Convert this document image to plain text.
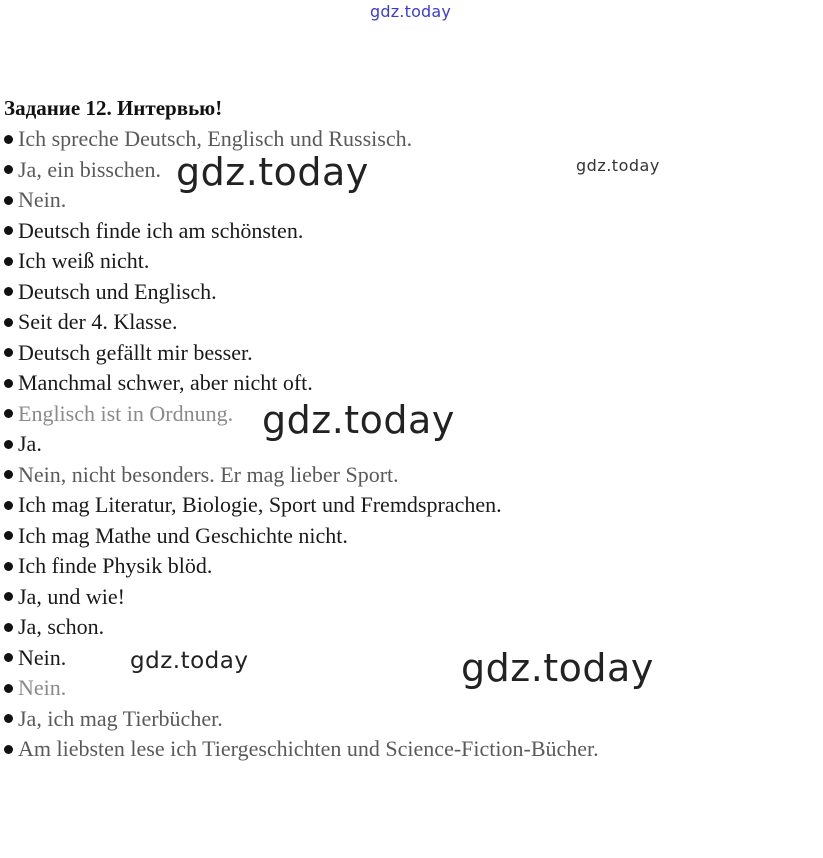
gdz.today
Задание 12. Интервью!
Ich spreche Deutsch, Englisch und Russisch.
Ja, ein bisschen.
Nein.
Deutsch finde ich am schönsten.
Ich weiß nicht.
Deutsch und Englisch.
Seit der 4. Klasse.
Deutsch gefällt mir besser.
Manchmal schwer, aber nicht oft.
Englisch ist in Ordnung.
Ja.
Nein, nicht besonders. Er mag lieber Sport.
Ich mag Literatur, Biologie, Sport und Fremdsprachen.
Ich mag Mathe und Geschichte nicht.
Ich finde Physik blöd.
Ja, und wie!
Ja, schon.
Nein.
Nein.
Ja, ich mag Tierbücher.
Am liebsten lese ich Tiergeschichten und Science-Fiction-Bücher.
gdz.today	gdz.today
gdz.today
gdz.today	gdz.today
